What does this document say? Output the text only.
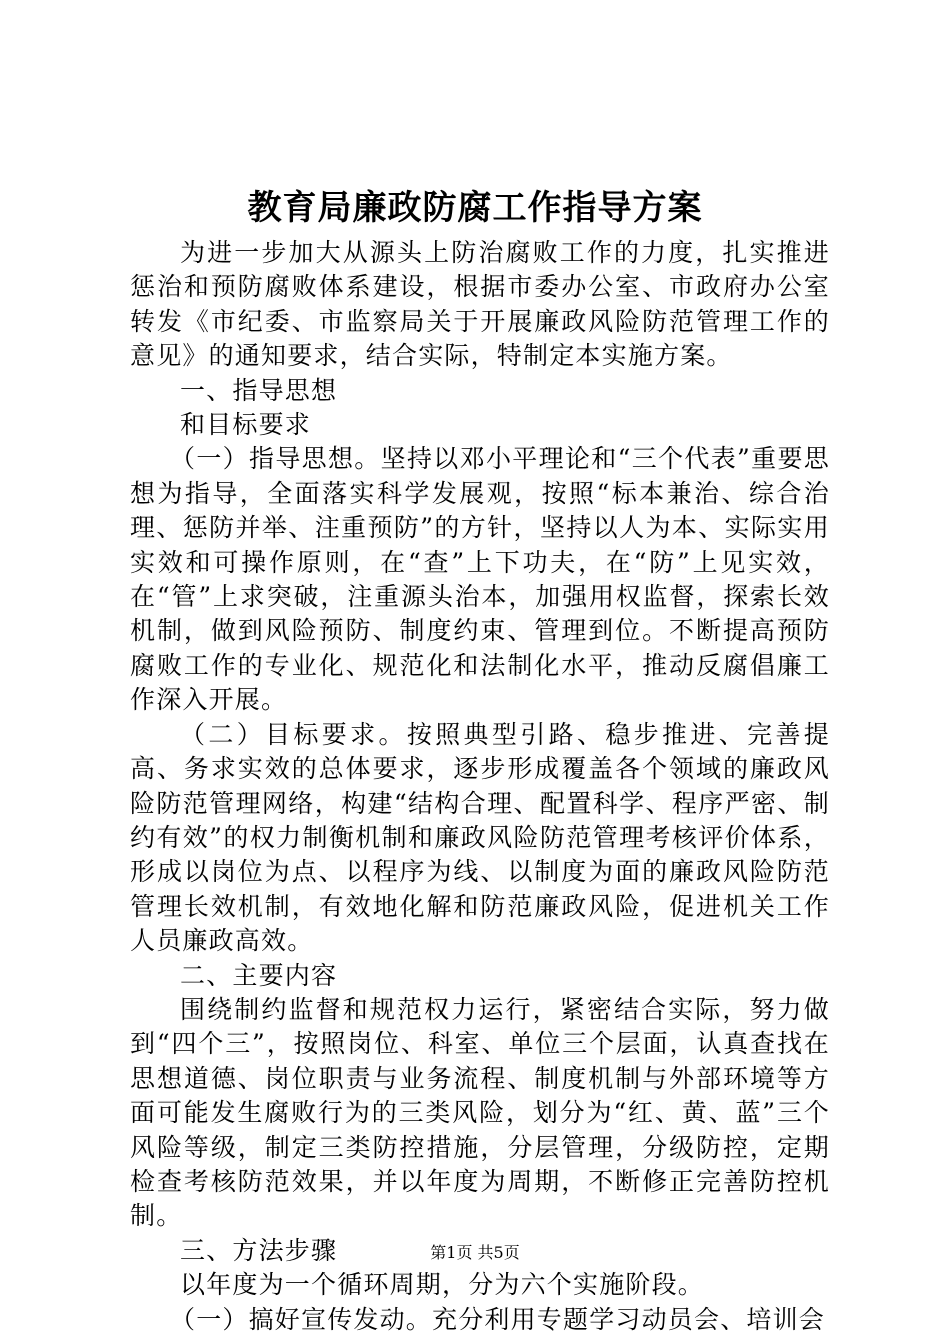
教育局廉政防腐工作指导方案

为进一步加大从源头上防治腐败工作的力度，扎实推进惩治和预防腐败体系建设，根据市委办公室、市政府办公室转发《市纪委、市监察局关于开展廉政风险防范管理工作的意见》的通知要求，结合实际，特制定本实施方案。

一、指导思想

和目标要求

（一）指导思想。坚持以邓小平理论和“三个代表”重要思想为指导，全面落实科学发展观，按照“标本兼治、综合治理、惩防并举、注重预防”的方针，坚持以人为本、实际实用实效和可操作原则，在“查”上下功夫，在“防”上见实效，在“管”上求突破，注重源头治本，加强用权监督，探索长效机制，做到风险预防、制度约束、管理到位。不断提高预防腐败工作的专业化、规范化和法制化水平，推动反腐倡廉工作深入开展。

（二）目标要求。按照典型引路、稳步推进、完善提高、务求实效的总体要求，逐步形成覆盖各个领域的廉政风险防范管理网络，构建“结构合理、配置科学、程序严密、制约有效”的权力制衡机制和廉政风险防范管理考核评价体系，形成以岗位为点、以程序为线、以制度为面的廉政风险防范管理长效机制，有效地化解和防范廉政风险，促进机关工作人员廉政高效。

二、主要内容

围绕制约监督和规范权力运行，紧密结合实际，努力做到“四个三”，按照岗位、科室、单位三个层面，认真查找在思想道德、岗位职责与业务流程、制度机制与外部环境等方面可能发生腐败行为的三类风险，划分为“红、黄、蓝”三个风险等级，制定三类防控措施，分层管理，分级防控，定期检查考核防范效果，并以年度为周期，不断修正完善防控机制。

三、方法步骤

以年度为一个循环周期，分为六个实施阶段。

（一）搞好宣传发动。充分利用专题学习动员会、培训会

第1页 共5页
